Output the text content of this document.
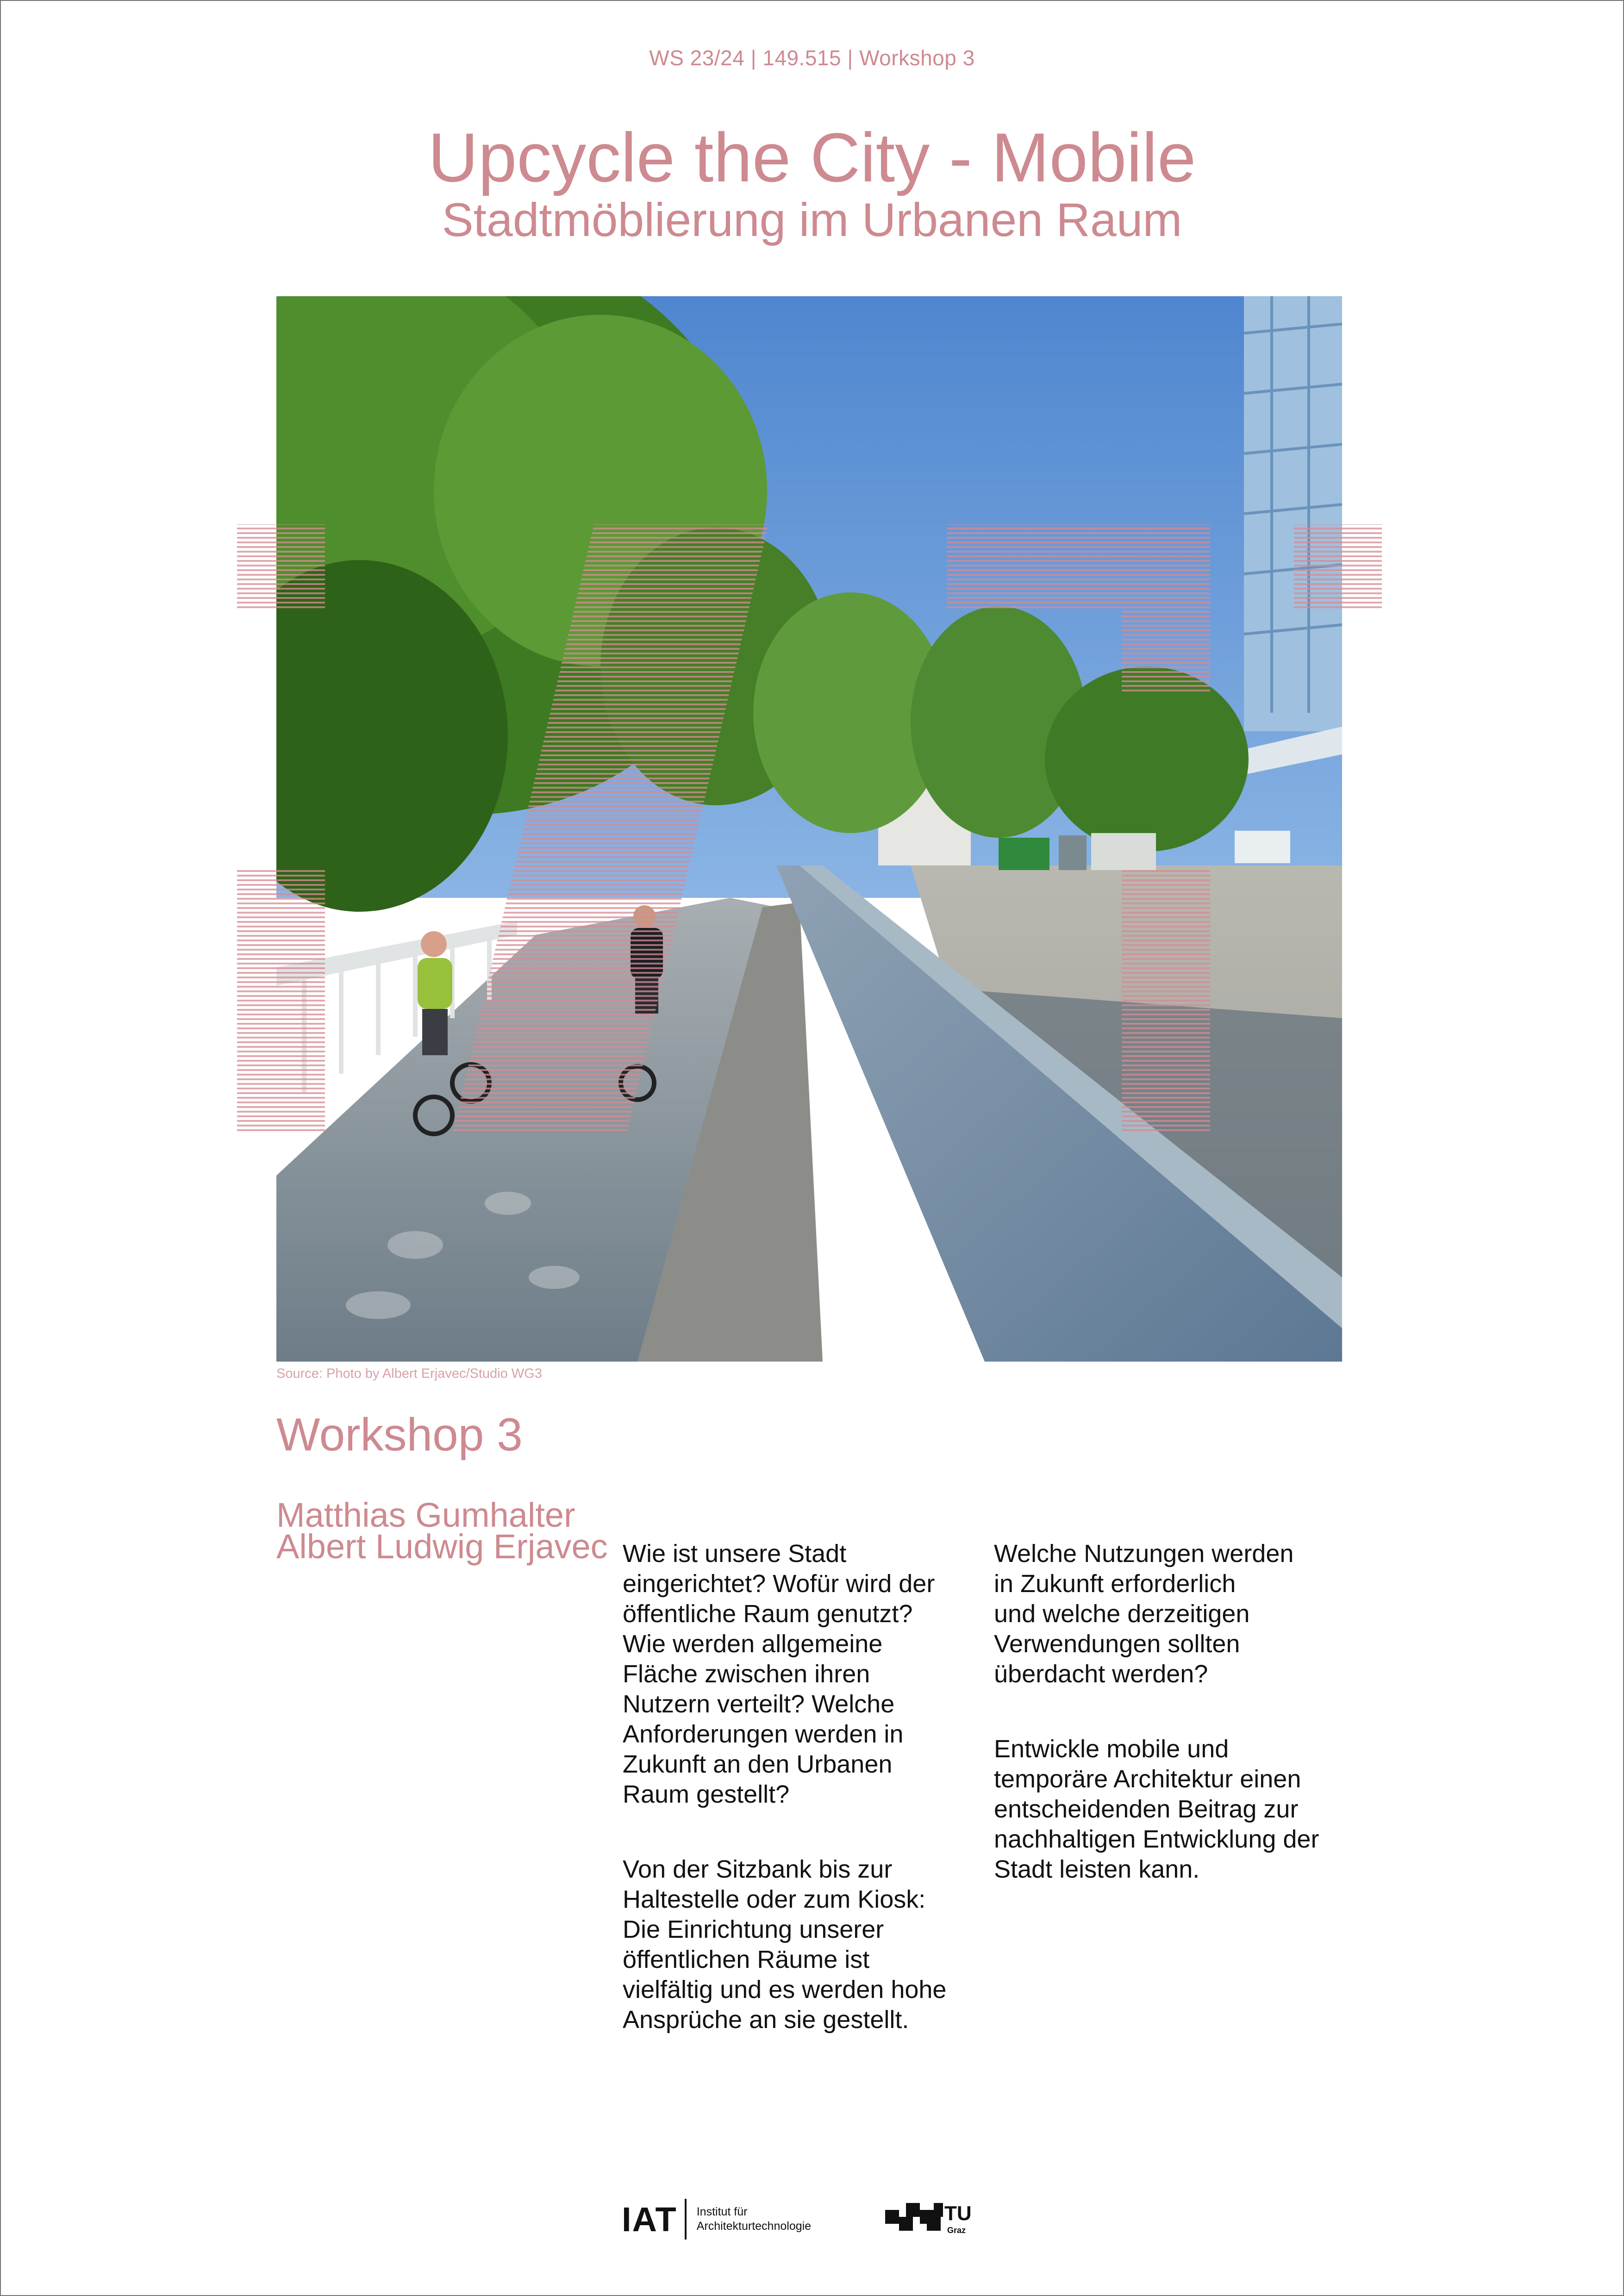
WS 23/24 | 149.515 | Workshop 3
Upcycle the City - Mobile
Stadtmöblierung im Urbanen Raum
Source: Photo by Albert Erjavec/Studio WG3
Workshop 3
Matthias Gumhalter
Albert Ludwig Erjavec Wie ist unsere Stadt
eingerichtet? Wofür wird der
öffentliche Raum genutzt?
Wie werden allgemeine
Fläche zwischen ihren
Nutzern verteilt? Welche
Anforderungen werden in
Zukunft an den Urbanen
Raum gestellt?

Von der Sitzbank bis zur
Haltestelle oder zum Kiosk:
Die Einrichtung unserer
öffentlichen Räume ist
vielfältig und es werden hohe
Ansprüche an sie gestellt.

Welche Nutzungen werden
in Zukunft erforderlich
und welche derzeitigen
Verwendungen sollten
überdacht werden?

Entwickle mobile und
temporäre Architektur einen
entscheidenden Beitrag zur
nachhaltigen Entwicklung der
Stadt leisten kann.

IAT Institut für
Architekturtechnologie
TU
Graz
